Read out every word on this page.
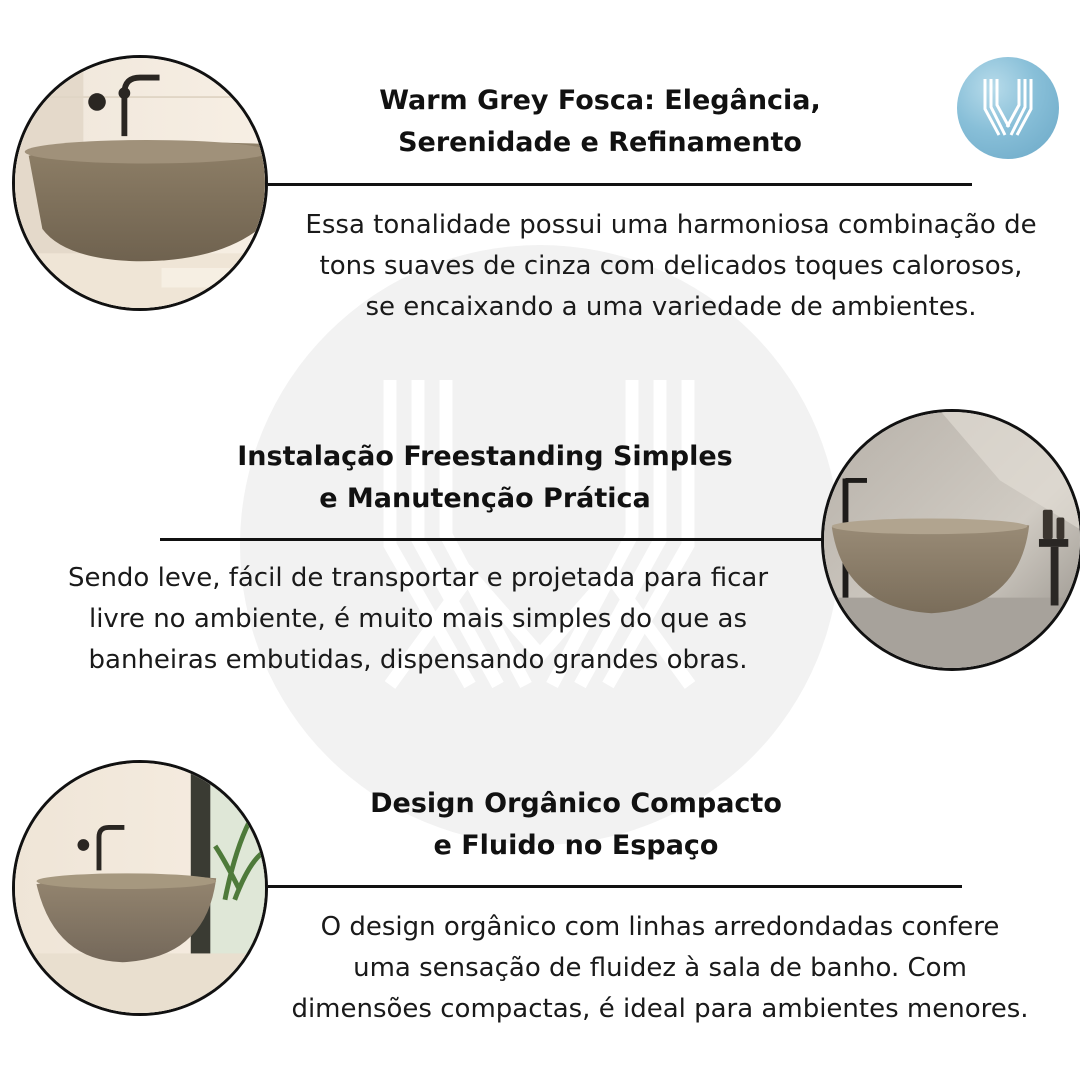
Warm Grey Fosca: Elegância,
Serenidade e Refinamento
Essa tonalidade possui uma harmoniosa combinação de
tons suaves de cinza com delicados toques calorosos,
se encaixando a uma variedade de ambientes.
Instalação Freestanding Simples
e Manutenção Prática
Sendo leve, fácil de transportar e projetada para ficar
livre no ambiente, é muito mais simples do que as
banheiras embutidas, dispensando grandes obras.
Design Orgânico Compacto
e Fluido no Espaço
O design orgânico com linhas arredondadas confere
uma sensação de fluidez à sala de banho. Com
dimensões compactas, é ideal para ambientes menores.
